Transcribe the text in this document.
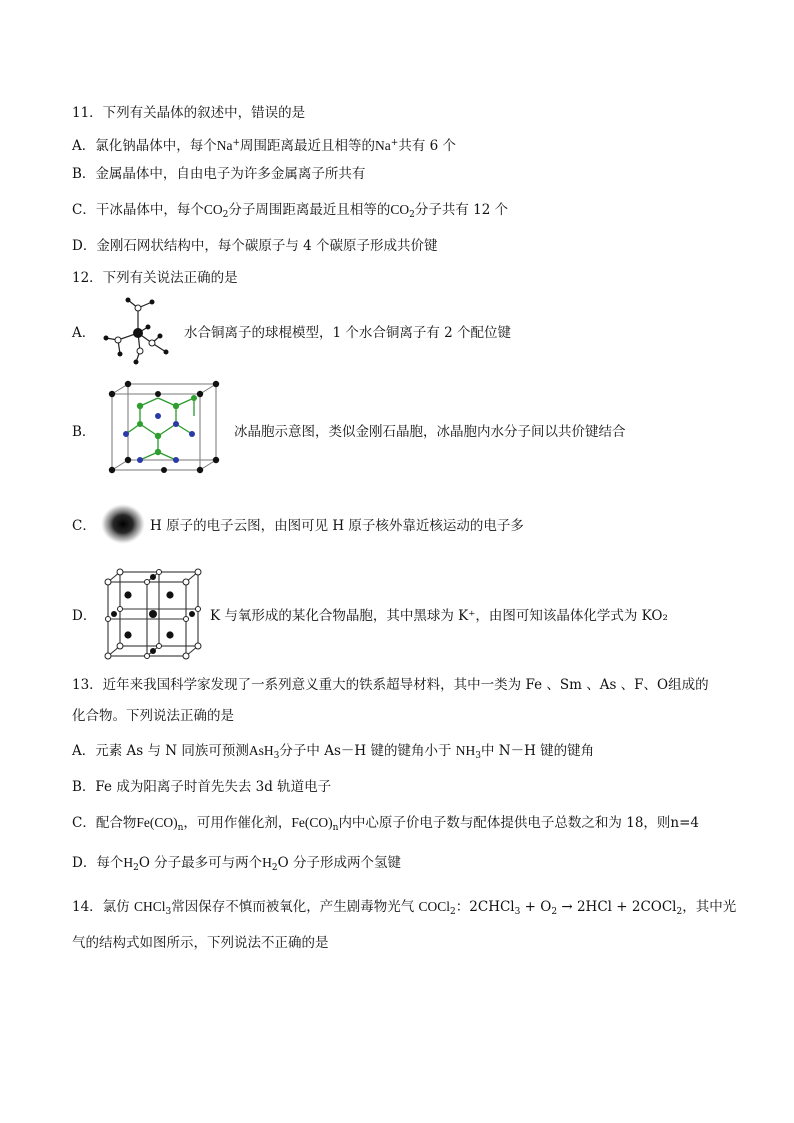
11．下列有关晶体的叙述中，错误的是
A．氯化钠晶体中，每个Na+周围距离最近且相等的Na+共有 6 个
B．金属晶体中，自由电子为许多金属离子所共有
C．干冰晶体中，每个$CO_2$分子周围距离最近且相等的$CO_2$分子共有 12 个
D．金刚石网状结构中，每个碳原子与 4 个碳原子形成共价键
12．下列有关说法正确的是
A．	水合铜离子的球棍模型，1 个水合铜离子有 2 个配位键
B．	冰晶胞示意图，类似金刚石晶胞，冰晶胞内水分子间以共价键结合
C．	H 原子的电子云图，由图可见 H 原子核外靠近核运动的电子多
D．	K 与氧形成的某化合物晶胞，其中黑球为 K⁺，由图可知该晶体化学式为 KO₂
13．近年来我国科学家发现了一系列意义重大的铁系超导材料，其中一类为 Fe 、Sm 、As 、F、O组成的
化合物。下列说法正确的是
A．元素 As 与 N 同族可预测AsH$_3$分子中 As－H 键的键角小于 $NH_3$中 N－H 键的键角
B．Fe 成为阳离子时首先失去 3d 轨道电子
C．配合物$Fe(CO)_n$，可用作催化剂，$Fe(CO)_n$内中心原子价电子数与配体提供电子总数之和为 18，则n=4
D．每个$H_2O$ 分子最多可与两个$H_2O$ 分子形成两个氢键
14．氯仿 CHCl$_3$常因保存不慎而被氧化，产生剧毒物光气 COCl$_2$：2CHCl$_3$ + $O_2 \to 2HCl$ + 2COCl$_2$，其中光
气的结构式如图所示，下列说法不正确的是
